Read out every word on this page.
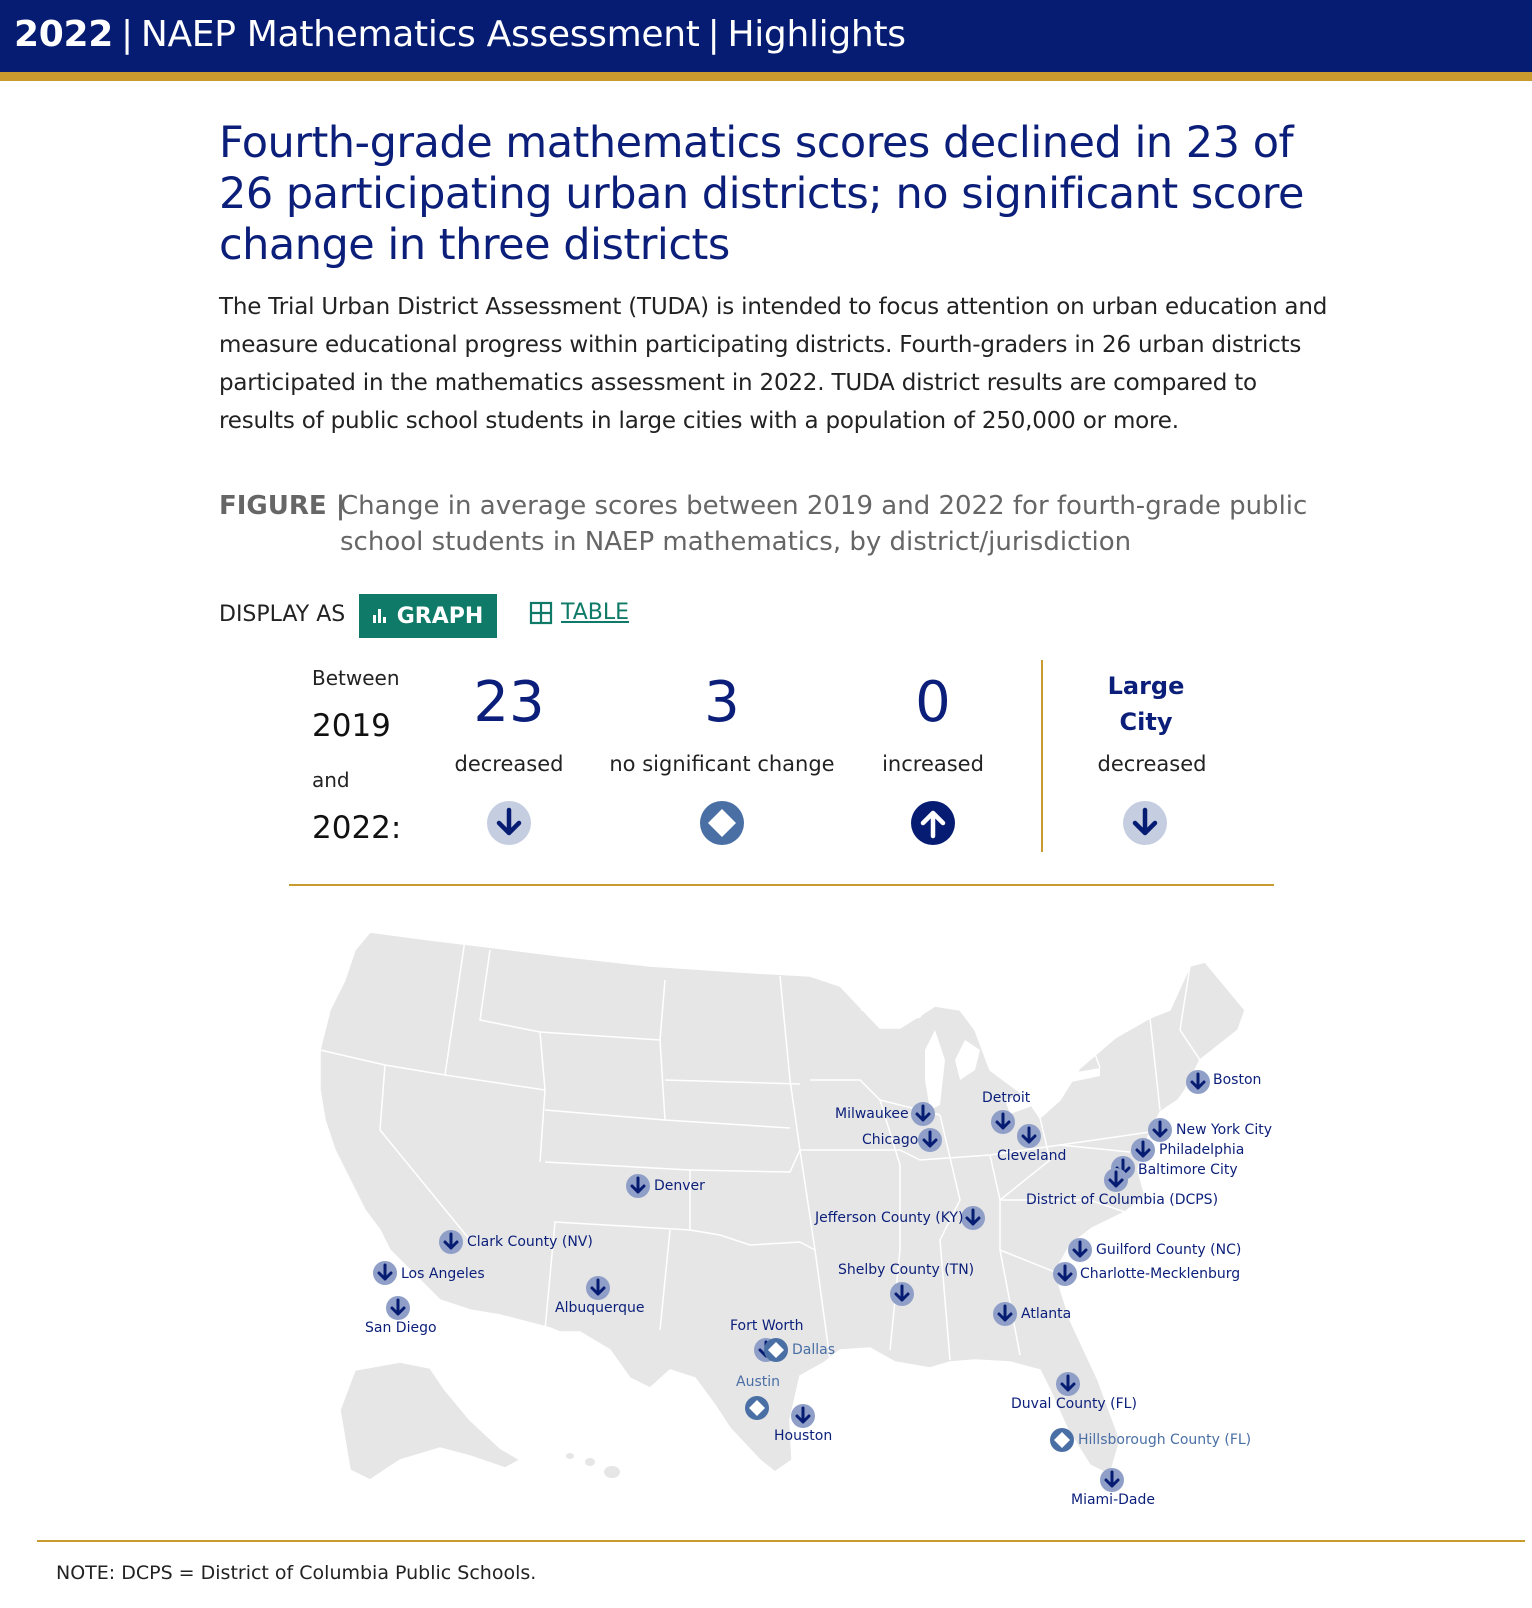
2022 | NAEP Mathematics Assessment | Highlights
Fourth-grade mathematics scores declined in 23 of 26 participating urban districts; no significant score change in three districts

The Trial Urban District Assessment (TUDA) is intended to focus attention on urban education and measure educational progress within participating districts. Fourth-graders in 26 urban districts participated in the mathematics assessment in 2022. TUDA district results are compared to results of public school students in large cities with a population of 250,000 or more.

FIGURE |
Change in average scores between 2019 and 2022 for fourth-grade public school students in NAEP mathematics, by district/jurisdiction
DISPLAY AS GRAPH	TABLE
Between
2019
and
2022:
23
decreased
3
no significant change
0
increased
Large
City
decreased
Boston
New York City
Philadelphia
Baltimore City
District of Columbia (DCPS)
Detroit
Cleveland
Milwaukee
Chicago
Denver
Jefferson County (KY)
Guilford County (NC)
Charlotte-Mecklenburg
Shelby County (TN)
Clark County (NV)
Los Angeles
San Diego
Albuquerque
Fort Worth
Dallas
Austin
Houston
Atlanta
Duval County (FL)
Hillsborough County (FL)
Miami-Dade

NOTE: DCPS = District of Columbia Public Schools.
